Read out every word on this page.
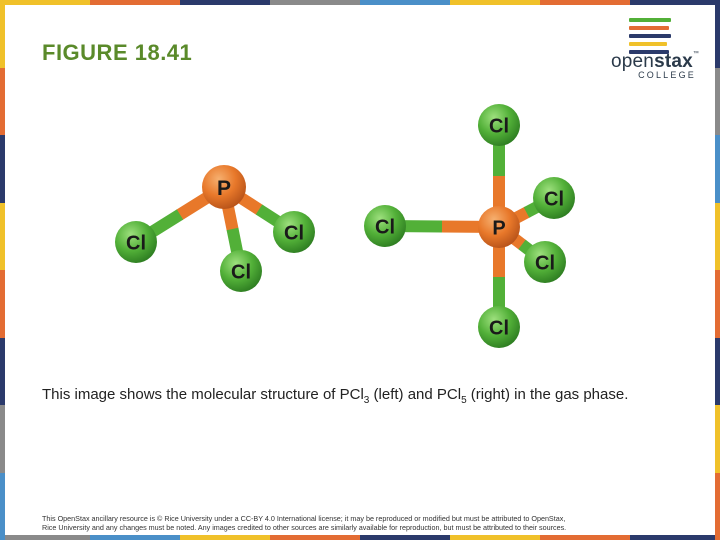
FIGURE 18.41	openstax™
COLLEGE
Cl
Cl
Cl
P
Cl
Cl
Cl
Cl
Cl
P

This image shows the molecular structure of PCl$_3$ (left) and PCl$_5$ (right) in the gas phase.

This OpenStax ancillary resource is © Rice University under a CC-BY 4.0 International license; it may be reproduced or modified but must be attributed to OpenStax,
Rice University and any changes must be noted. Any images credited to other sources are similarly available for reproduction, but must be attributed to their sources.
